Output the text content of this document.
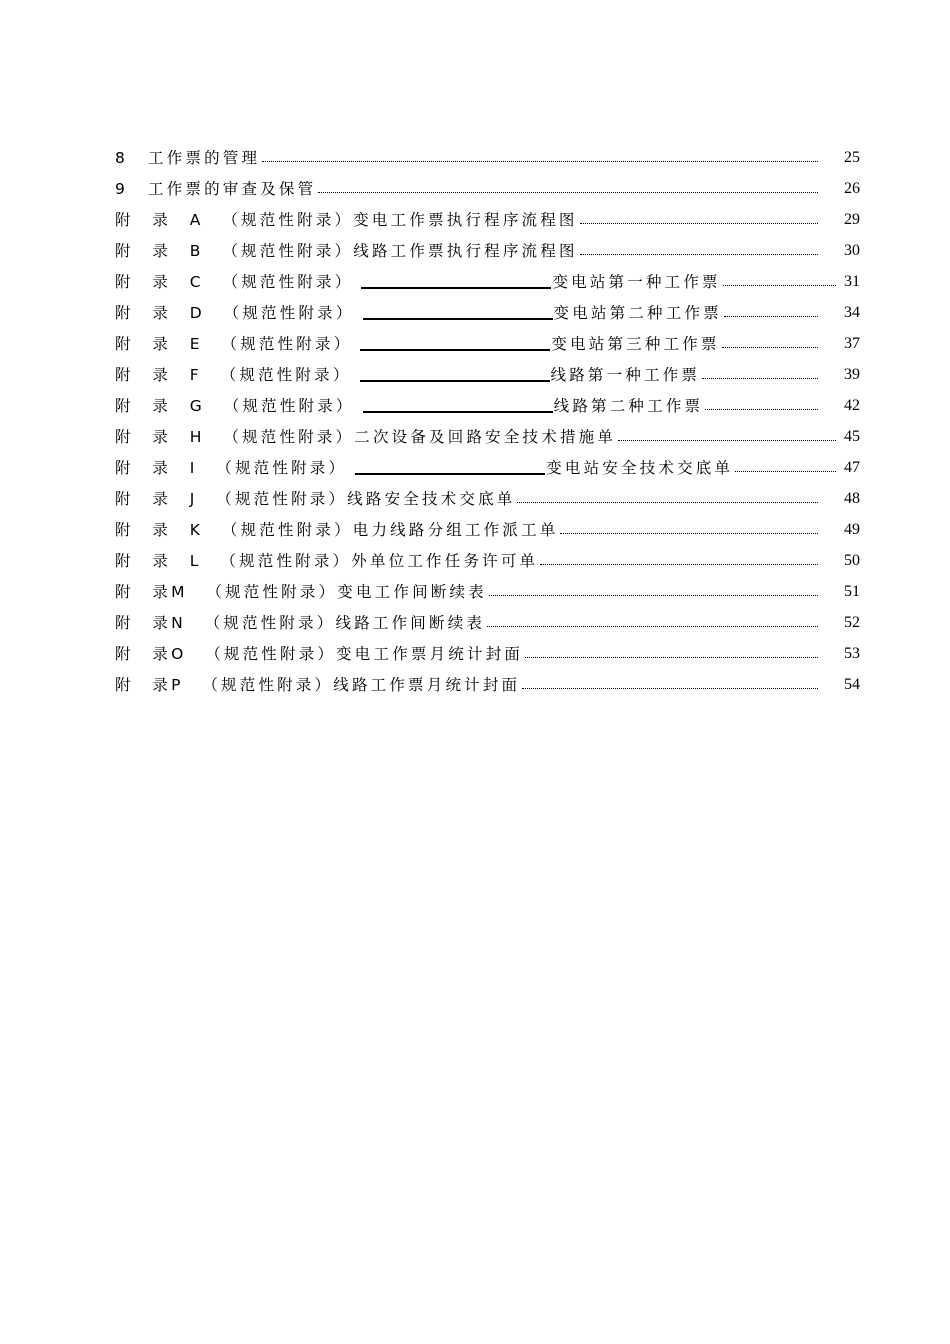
8	工作票的管理	25
9	工作票的审查及保管	26
附　录　A　 （规范性附录）变电工作票执行程序流程图	29
附　录　B　 （规范性附录）线路工作票执行程序流程图	30
附　录　C　 （规范性附录）	变电站第一种工作票	31
附　录　D　 （规范性附录）	变电站第二种工作票	34
附　录　E　 （规范性附录）	变电站第三种工作票	37
附　录　F　 （规范性附录）	线路第一种工作票	39
附　录　G　 （规范性附录）	线路第二种工作票	42
附　录　H　 （规范性附录）二次设备及回路安全技术措施单	45
附　录　I　 （规范性附录）	变电站安全技术交底单	47
附　录　J　 （规范性附录）线路安全技术交底单	48
附　录　K　 （规范性附录）电力线路分组工作派工单	49
附　录　L　 （规范性附录）外单位工作任务许可单	50
附　录M　 （规范性附录）变电工作间断续表	51
附　录N　 （规范性附录）线路工作间断续表	52
附　录O　 （规范性附录）变电工作票月统计封面	53
附　录P　 （规范性附录）线路工作票月统计封面	54
